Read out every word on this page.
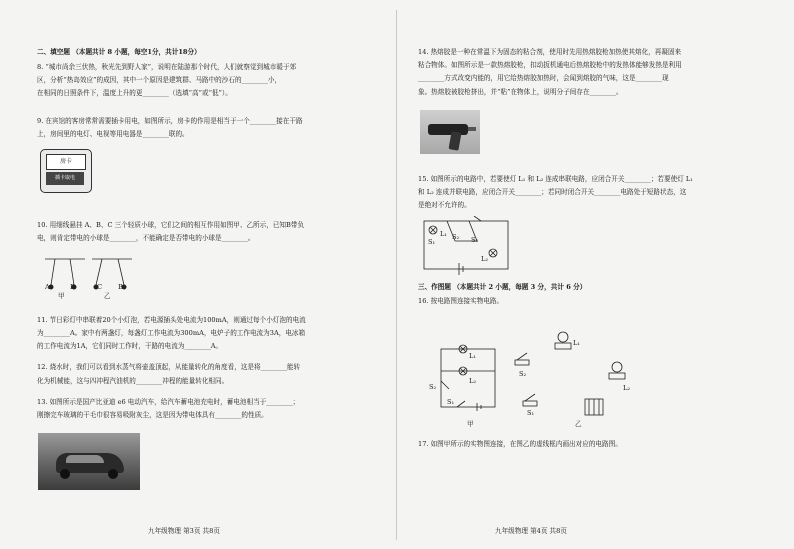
二、填空题 （本题共计 8 小题，每空1分，共计18分）
8. “城市尚余三伏热，秋光先到野人家”，说明在陆游那个时代，人们就察觉到城市暖于郊
区，分析“热岛效应”的成因，其中一个原因是建筑群、马路中的沙石的________小，
在相同的日照条件下，温度上升的更________（选填“高”或“低”）。
9. 在宾馆的客房常常需要插卡用电，如图所示，房卡的作用是相当于一个________接在干路
上，房间里的电灯、电视等用电器是________联的。
房卡
插卡取电
10. 用细线悬挂 A、B、C 三个轻质小球，它们之间的相互作用如图甲、乙所示，已知B带负
电，则肯定带电的小球是________，不能确定是否带电的小球是________。
A	B	C B
甲	乙
11. 节日彩灯中串联着20个小灯泡，若电源插头处电流为100mA，则通过每个小灯泡的电流
为________A。家中有两盏灯，每盏灯工作电流为300mA，电炉子的工作电流为3A，电冰箱
的工作电流为1A，它们同时工作时，干路的电流为________A。
12. 烧水时，我们可以看到水蒸气将壶盖顶起，从能量转化的角度看，这是将________能转
化为机械能，这与四冲程汽油机的________冲程的能量转化相同。
13. 如图所示是国产比亚迪 e6 电动汽车，给汽车蓄电池充电时，蓄电池相当于________；
刚擦完车玻璃的干毛巾很容易吸附灰尘，这是因为带电体具有________的性质。
九年级物理 第3页 共8页
14. 热熔胶是一种在常温下为固态的粘合剂，使用时先用热熔胶枪加热使其熔化，再凝固来
粘合物体。如图所示是一款热熔胶枪，扣动扳机通电后热熔胶枪中的发热体能够发热是利用
________方式改变内能的，用它给热熔胶加热时，会闻到熔胶的气味，这是________现
象。热熔胶被胶枪挤出，并“粘”在物体上，说明分子间存在________。
15. 如图所示的电路中，若要使灯 L₁ 和 L₂ 连成串联电路，应闭合开关________；若要使灯 L₁
和 L₂ 连成并联电路，应闭合开关________；若同时闭合开关________电路处于短路状态，这
是绝对不允许的。
L₁
L₂
S₁
S₂ S₃
三、作图题 （本题共计 2 小题，每题 3 分，共计 6 分）
16. 按电路图连接实物电路。
L₁
L₂
S₂
S₁
L₁
S₂
L₂
S₁
甲	乙
17. 如图甲所示的实物图连接，在图乙的虚线框内画出对应的电路图。
九年级物理 第4页 共8页
